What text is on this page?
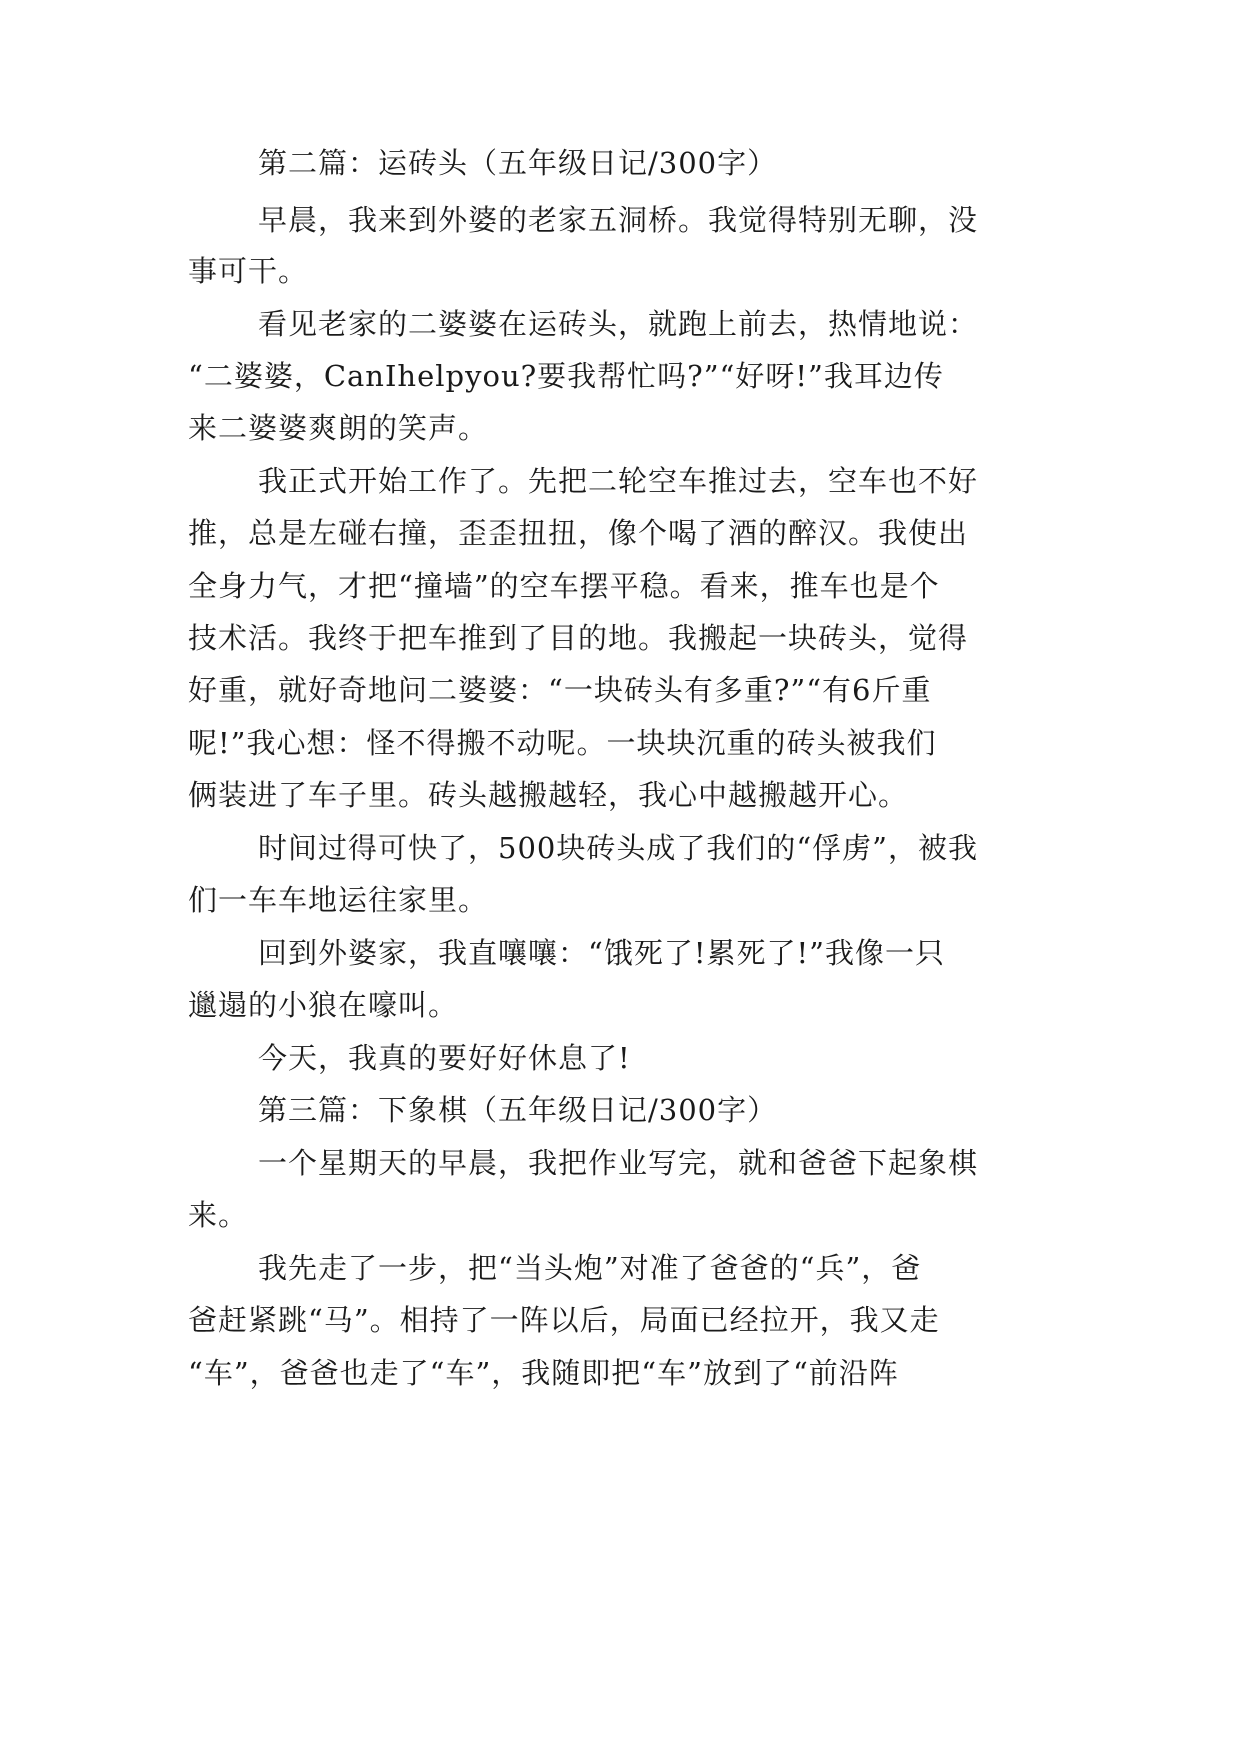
第二篇：运砖头（五年级日记/300字）

早晨，我来到外婆的老家五洞桥。我觉得特别无聊，没

事可干。

看见老家的二婆婆在运砖头，就跑上前去，热情地说：

“二婆婆，CanIhelpyou?要我帮忙吗?”“好呀!”我耳边传

来二婆婆爽朗的笑声。

我正式开始工作了。先把二轮空车推过去，空车也不好

推，总是左碰右撞，歪歪扭扭，像个喝了酒的醉汉。我使出

全身力气，才把“撞墙”的空车摆平稳。看来，推车也是个

技术活。我终于把车推到了目的地。我搬起一块砖头，觉得

好重，就好奇地问二婆婆：“一块砖头有多重?”“有6斤重

呢!”我心想：怪不得搬不动呢。一块块沉重的砖头被我们

俩装进了车子里。砖头越搬越轻，我心中越搬越开心。

时间过得可快了，500块砖头成了我们的“俘虏”，被我

们一车车地运往家里。

回到外婆家，我直嚷嚷：“饿死了!累死了!”我像一只

邋遢的小狼在嚎叫。

今天，我真的要好好休息了!

第三篇：下象棋（五年级日记/300字）

一个星期天的早晨，我把作业写完，就和爸爸下起象棋

来。

我先走了一步，把“当头炮”对准了爸爸的“兵”，爸

爸赶紧跳“马”。相持了一阵以后，局面已经拉开，我又走

“车”，爸爸也走了“车”，我随即把“车”放到了“前沿阵
